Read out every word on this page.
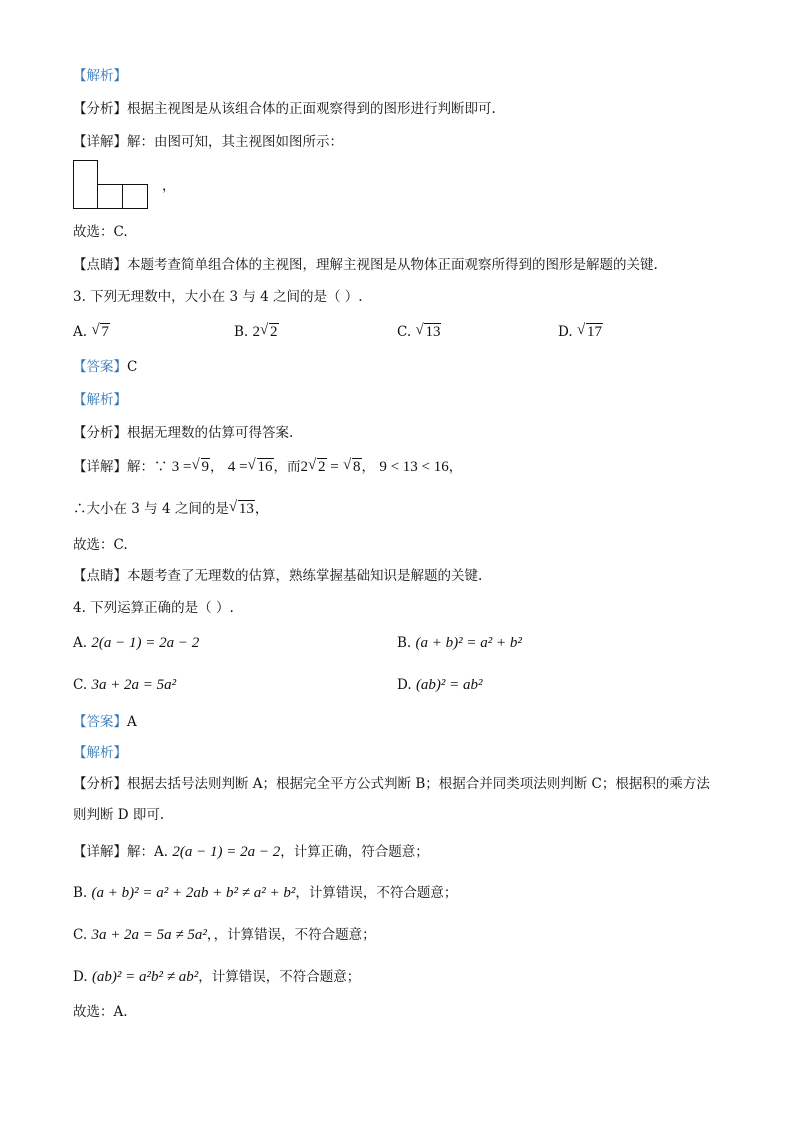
【解析】
【分析】根据主视图是从该组合体的正面观察得到的图形进行判断即可.
【详解】解：由图可知，其主视图如图所示：
，
故选：C.
【点睛】本题考查简单组合体的主视图，理解主视图是从物体正面观察所得到的图形是解题的关键.
3. 下列无理数中，大小在 3 与 4 之间的是（ ）.
A. √ 7	B. 2 √ 2	C. √ 13	D. √ 17
【答案】C
【解析】
【分析】根据无理数的估算可得答案.
【详解】解：∵ 3 = √ 9， 4 = √ 16，而2 √ 2 = √ 8， 9 < 13 < 16，
∴大小在 3 与 4 之间的是 √ 13，
故选：C.
【点睛】本题考查了无理数的估算，熟练掌握基础知识是解题的关键.
4. 下列运算正确的是（ ）.
A. 2(a − 1) = 2a − 2	B. (a + b)² = a² + b²
C. 3a + 2a = 5a²	D. (ab)² = ab²
【答案】A
【解析】
【分析】根据去括号法则判断 A；根据完全平方公式判断 B；根据合并同类项法则判断 C；根据积的乘方法
则判断 D 即可.
【详解】解：A. 2(a − 1) = 2a − 2，计算正确，符合题意；
B. (a + b)² = a² + 2ab + b² ≠ a² + b²，计算错误，不符合题意；
C. 3a + 2a = 5a ≠ 5a²，，计算错误，不符合题意；
D. (ab)² = a²b² ≠ ab²，计算错误，不符合题意；
故选：A.
